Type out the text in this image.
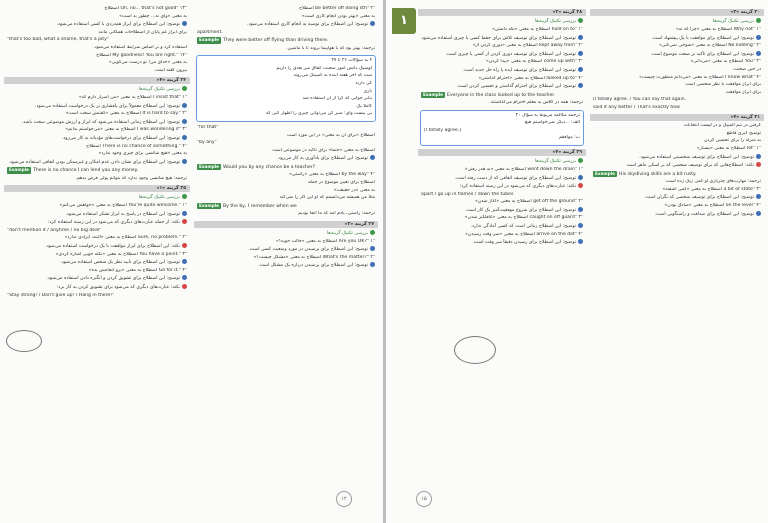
"Oh, no... that's not good" ۱۳ اصطلاح
به معنی «وای نه... چطور بد است»
توضیح: این اصطلاح برای ابراز همدردی با کسی استفاده می‌شود.
برای ابراز غم پایان از اصطلاحات همگانی مانند
"that's too bad, what a shame, that's a pity"
استفاده کرد و بر اساس شرایط استفاده می‌شود.
"My goodness! You are right." ۱۴ اصطلاح
به معنی «خدای من! تو درست می‌گویی»
بیرون گفته است.
۲۴ گزینه «۴»
بررسی تکنیک گزینه‌ها
"I insist that" ۱ اصطلاح به معنی «من اصرار دارم که»
توضیح: این اصطلاح معمولاً برای پافشاری بر یک درخواست استفاده می‌شود.
"It is hard to say." ۲ اصطلاح به معنی «گفتنش سخت است»
توضیح: این اصطلاح زمانی استفاده می‌شود که ابراز و ارزش موضوعی سخت باشد.
"I was wondering if" ۳ اصطلاح به معنی «می‌خواستم بدانم»
توضیح: این اصطلاح برای درخواست‌های مؤدبانه به کار می‌رود.
"There is no chance of something." ۴ اصطلاح
به معنی «هیچ شانسی برای چیزی وجود ندارد»
توضیح: این اصطلاح برای نشان دادن عدم امکان و غیرممکن بودن اتفاقی استفاده می‌شود.
Example There is no chance I can lend you any money.
ترجمه: هیچ شانسی وجود ندارد که بتوانم پولی قرض بدهم.
۲۵ گزینه «۱»
بررسی تکنیک گزینه‌ها
"You're quite welcome." ۱ اصطلاح به معنی «خواهش می‌کنم»
توضیح: این اصطلاح در پاسخ به ابراز تشکر استفاده می‌شود.
نکته: از جمله عبارت‌های دیگری که می‌شود در این زمینه استفاده کرد:
"don't mention it / anytime / no big deal"
"Sure, no problem." ۲ اصطلاح به معنی «البته، ایرادی ندارد»
نکته: این اصطلاح برای ابراز موافقت با یک درخواست استفاده می‌شود.
"You have a point." ۳ اصطلاح به معنی «نکته خوبی اشاره کردی»
توضیح: این اصطلاح برای تأیید نظر یک شخص استفاده می‌شود.
"Go for it." ۴ اصطلاح به معنی «برو انجامش بده»
توضیح: این اصطلاح برای تشویق کردن و انگیزه دادن استفاده می‌شود.
نکته: عبارت‌های دیگری که می‌شود برای تشویق کردن به کار برد:
"Stay strong! / Don't give up! / Hang in there!"
"be better off doing sth" ۲ اصطلاح
به معنی «بهتر بودن انجام کاری است»
توضیح: این اصطلاح برای توصیه به انجام کاری استفاده می‌شود.
apartment.
Example They were better off flying than driving there.
ترجمه: بهتر بود که با هواپیما بروند تا با ماشین.
۴ به سؤالات ۲۶ تا ۲۷
لوسیک دانش آموز صحبت اتفاق میز بعدی را داریم
ست که آخر هفته آینده به کمپینگ می‌روند
کی دارند
ناری
بنابر جوابی که گرا از آن استفاده شد
کاملاً یک
بی بیست وای: صبر کن می‌توانی چیزی را اظهار کنی که
"for that"
اصطلاح «برای آن به معنی» در این مورد است
"by any"
اصطلاح به معنی «حتماً» برای تأکید در موضوعی است
توضیح: این اصطلاح برای یادآوری به کار می‌رود.
Example Would you by any chance be a teacher?
"by the way" ۴ اصطلاح به معنی «راستی»
اصطلاح برای تغییر موضوع در جمله
به معنی «در حقیقت»
مثلاً من همیشه می‌دانستم که او این کار را نمی‌کند
Example By the by, I remember when we
ترجمه: راستی، یادم آمد که ما آنجا بودیم
۲۷ گزینه «۲»
بررسی تکنیک گزینه‌ها
"Are you OK?" ۱ اصطلاح به معنی «حالت خوبه؟»
توضیح: این اصطلاح برای پرسیدن در مورد وضعیت کسی است.
"What's the matter?" ۲ اصطلاح به معنی «مشکل چیست؟»
توضیح: این اصطلاح برای پرسیدن درباره یک مشکل است.
۱۲
۱
۲۸ گزینه «۲»
بررسی تکنیک گزینه‌ها
"hold on to" ۱ اصطلاح به معنی «نگه داشتن»
توضیح: این اصطلاح برای توصیف تلاش برای حفظ کسی یا چیزی استفاده می‌شود.
"kept away from" ۲ اصطلاح به معنی «دوری کردن از»
توضیح: این اصطلاح برای توصیف دوری کردن از کسی یا چیزی است.
"come up with" ۳ اصطلاح به معنی «پیدا کردن»
توضیح: این اصطلاح برای توصیف ایده یا راه حل جدید است.
"looked up to" ۴ اصطلاح به معنی «احترام گذاشتن»
توضیح: این اصطلاح برای احترام گذاشتن و تحسین کردن است.
Example Everyone in the class looked up to the teacher.
ترجمه: همه در کلاس به معلم احترام می‌گذاشتند.
ترجمه مکالمه مربوط به سؤال ۲۰
الف: ...دیگر نمی‌خواستم هیچ
[I totally agree.]
ب: موافقم
۲۹ گزینه «۴»
بررسی تکنیک گزینه‌ها
"went down the drain" ۱ اصطلاح به معنی «به هدر رفتن»
توضیح: این اصطلاح برای توصیف اتفاقی که از دست رفته است.
نکته: عبارت‌های دیگری که می‌شود در این زمینه استفاده کرد:
apart / go up in flames / down the tubes
"get off the ground" ۲ اصطلاح به معنی «آغاز شدن»
توضیح: این اصطلاح برای شروع موفقیت‌آمیز یک کار است.
"caught on off guard" ۳ اصطلاح به معنی «غافلگیر شدن»
توضیح: این اصطلاح زمانی است که کسی آمادگی ندارد.
"arrive on the dot" ۴ اصطلاح به معنی «سر وقت رسیدن»
توضیح: این اصطلاح برای رسیدن دقیقاً سر وقت است.
۳۰ گزینه «۳»
بررسی تکنیک گزینه‌ها
"Why not" ۱ اصطلاح به معنی «چرا که نه»
توضیح: این اصطلاح برای موافقت با یک پیشنهاد است.
"No kidding" ۲ اصطلاح به معنی «شوخی نمی‌کنی»
توضیح: این اصطلاح برای تأکید بر صحت موضوع است.
"You" ۳ اصطلاح به معنی «می‌دانی»
در حین صحبت
"I know what" ۴ اصطلاح به معنی «می‌دانم منظورت چیست»
برای ابراز موافقت با نظر شخصی است
برای ابراز موافقت
[I totally agree. / You can say that again.
said it any better / That's exactly how
۳۱ گزینه «۴»
گرفتن در تیم المپیک و در لیست انتخابات
توضیح گیری قاطع
به منزله را برای تحسین کردن
"lot" ۱ اصطلاح به معنی «بسیار»
توضیح: این اصطلاح برای توصیف شخصیتی استفاده می‌شود.
نکته: اصطلاح‌هایی که برای توصیف شخصی که بر اسکی ماهر است
Example His skydiving skills are a bit rusty.
ترجمه: مهارت‌های چتربازی او کمی زنگ زده است.
"a bit of state" ۳ اصطلاح به معنی «کمی آشفته»
توضیح: این اصطلاح برای توصیف شخصی که نگران است.
"on the level" ۴ اصطلاح به معنی «صادق بودن»
توضیح: این اصطلاح برای صداقت و راستگویی است.
۱۵
